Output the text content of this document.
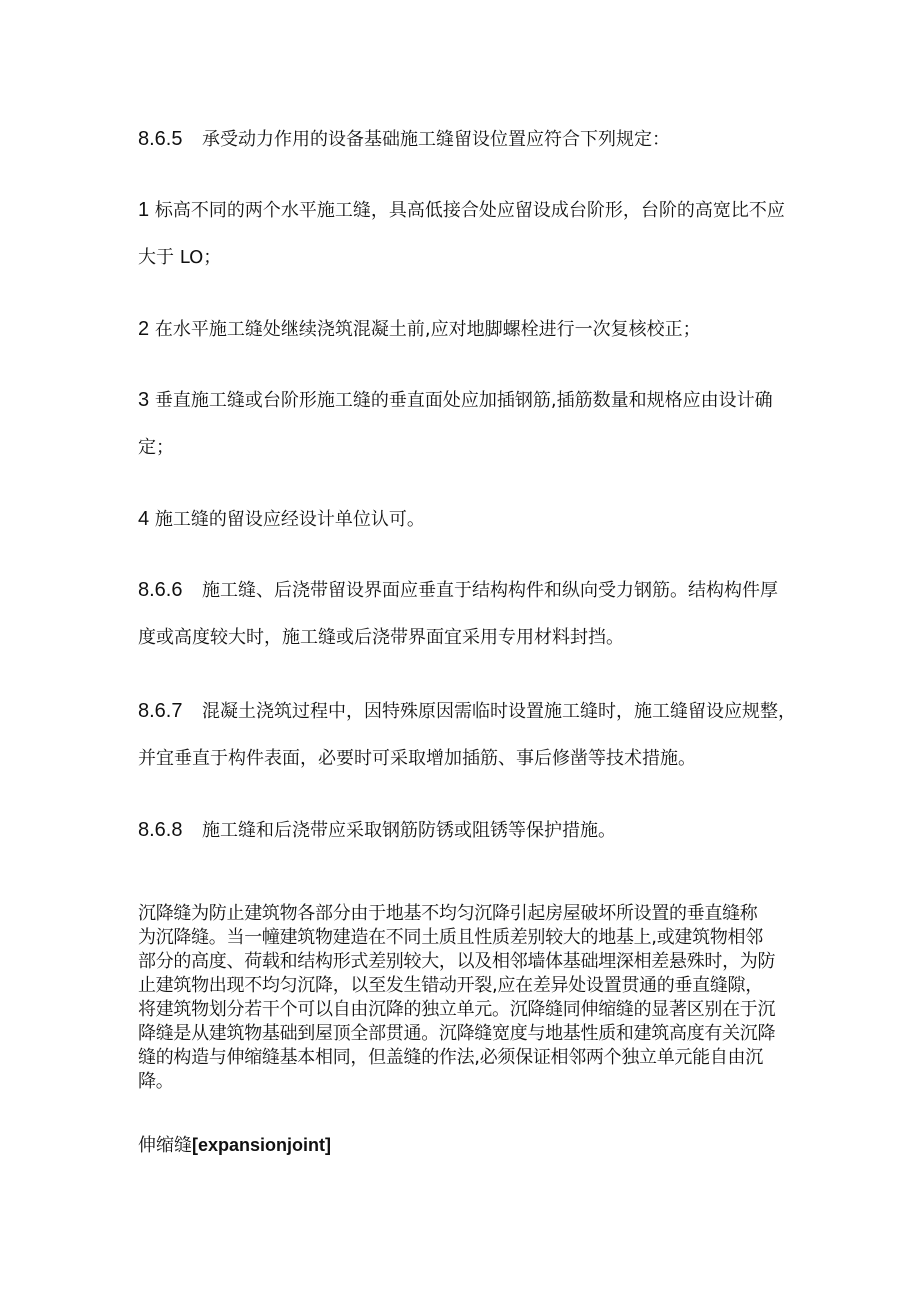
8.6.5 承受动力作用的设备基础施工缝留设位置应符合下列规定：
1 标高不同的两个水平施工缝，具高低接合处应留设成台阶形，台阶的高宽比不应
大于 LO；
2 在水平施工缝处继续浇筑混凝土前,应对地脚螺栓进行一次复核校正；
3 垂直施工缝或台阶形施工缝的垂直面处应加插钢筋,插筋数量和规格应由设计确
定；
4 施工缝的留设应经设计单位认可。
8.6.6 施工缝、后浇带留设界面应垂直于结构构件和纵向受力钢筋。结构构件厚
度或高度较大时，施工缝或后浇带界面宜采用专用材料封挡。
8.6.7 混凝土浇筑过程中，因特殊原因需临时设置施工缝时，施工缝留设应规整，
并宜垂直于构件表面，必要时可采取增加插筋、事后修凿等技术措施。
8.6.8 施工缝和后浇带应采取钢筋防锈或阻锈等保护措施。
沉降缝为防止建筑物各部分由于地基不均匀沉降引起房屋破坏所设置的垂直缝称
为沉降缝。当一幢建筑物建造在不同土质且性质差别较大的地基上,或建筑物相邻
部分的高度、荷载和结构形式差别较大，以及相邻墙体基础埋深相差悬殊时，为防
止建筑物出现不均匀沉降，以至发生错动开裂,应在差异处设置贯通的垂直缝隙，
将建筑物划分若干个可以自由沉降的独立单元。沉降缝同伸缩缝的显著区别在于沉
降缝是从建筑物基础到屋顶全部贯通。沉降缝宽度与地基性质和建筑高度有关沉降
缝的构造与伸缩缝基本相同，但盖缝的作法,必须保证相邻两个独立单元能自由沉
降。
伸缩缝[expansionjoint]
